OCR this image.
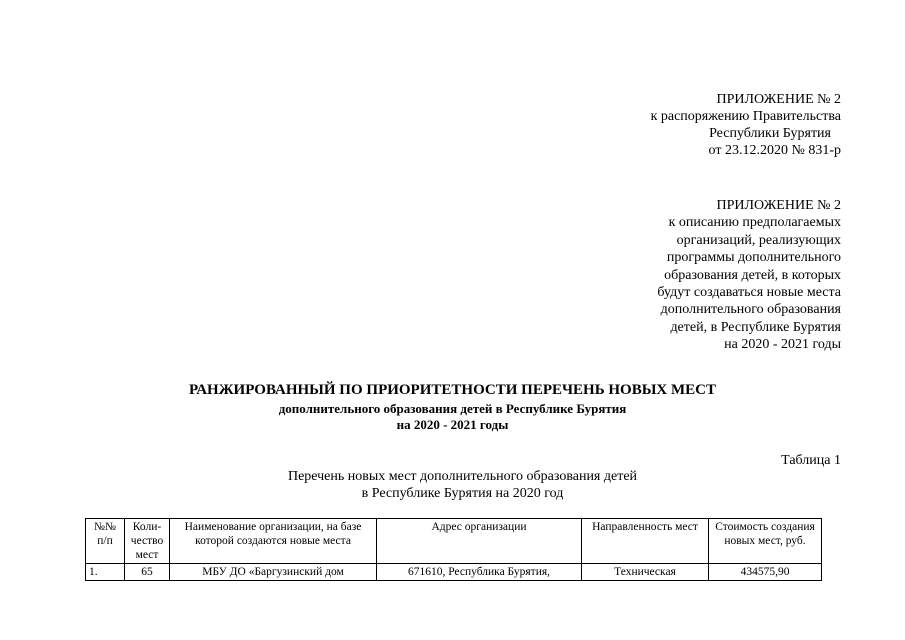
ПРИЛОЖЕНИЕ № 2
к распоряжению Правительства
Республики Бурятия
от 23.12.2020 № 831-р
ПРИЛОЖЕНИЕ № 2
к описанию предполагаемых
организаций, реализующих
программы дополнительного
образования детей, в которых
будут создаваться новые места
дополнительного образования
детей, в Республике Бурятия
на 2020 - 2021 годы
РАНЖИРОВАННЫЙ ПО ПРИОРИТЕТНОСТИ ПЕРЕЧЕНЬ НОВЫХ МЕСТ
дополнительного образования детей в Республике Бурятия
на 2020 - 2021 годы
Таблица 1
Перечень новых мест дополнительного образования детей
в Республике Бурятия на 2020 год
№№ п/п	Коли-чество мест	Наименование организации, на базе которой создаются новые места	Адрес организации	Направленность мест	Стоимость создания новых мест, руб.
1.	65	МБУ ДО «Баргузинский дом	671610, Республика Бурятия,	Техническая	434575,90
